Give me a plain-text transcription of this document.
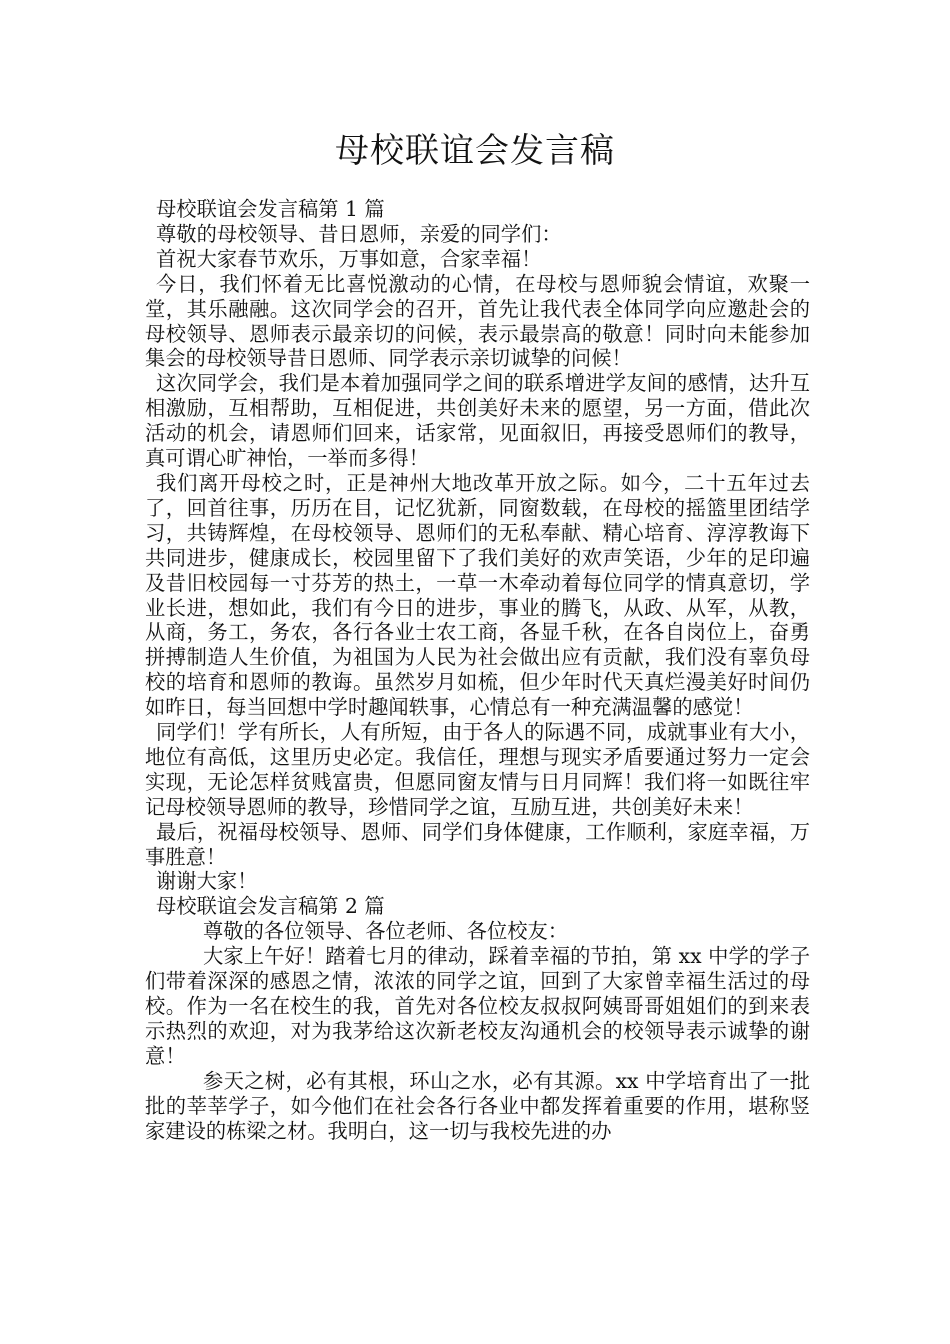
母校联谊会发言稿

母校联谊会发言稿第 1 篇

尊敬的母校领导、昔日恩师，亲爱的同学们：

首祝大家春节欢乐，万事如意，合家幸福！

今日，我们怀着无比喜悦激动的心情，在母校与恩师貌会情谊，欢聚一堂，其乐融融。这次同学会的召开，首先让我代表全体同学向应邀赴会的母校领导、恩师表示最亲切的问候，表示最崇高的敬意！同时向未能参加集会的母校领导昔日恩师、同学表示亲切诚挚的问候！

这次同学会，我们是本着加强同学之间的联系增进学友间的感情，达升互相激励，互相帮助，互相促进，共创美好未来的愿望，另一方面，借此次活动的机会，请恩师们回来，话家常，见面叙旧，再接受恩师们的教导，真可谓心旷神怡，一举而多得！

我们离开母校之时，正是神州大地改革开放之际。如今，二十五年过去了，回首往事，历历在目，记忆犹新，同窗数载，在母校的摇篮里团结学习，共铸辉煌，在母校领导、恩师们的无私奉献、精心培育、淳淳教诲下共同进步，健康成长，校园里留下了我们美好的欢声笑语，少年的足印遍及昔旧校园每一寸芬芳的热土，一草一木牵动着每位同学的情真意切，学业长进，想如此，我们有今日的进步，事业的腾飞，从政、从军，从教，从商，务工，务农，各行各业士农工商，各显千秋，在各自岗位上，奋勇拼搏制造人生价值，为祖国为人民为社会做出应有贡献，我们没有辜负母校的培育和恩师的教诲。虽然岁月如梳，但少年时代天真烂漫美好时间仍如昨日，每当回想中学时趣闻轶事，心情总有一种充满温馨的感觉！

同学们！学有所长，人有所短，由于各人的际遇不同，成就事业有大小，地位有高低，这里历史必定。我信任，理想与现实矛盾要通过努力一定会实现，无论怎样贫贱富贵，但愿同窗友情与日月同辉！我们将一如既往牢记母校领导恩师的教导，珍惜同学之谊，互励互进，共创美好未来！

最后，祝福母校领导、恩师、同学们身体健康，工作顺利，家庭幸福，万事胜意！

谢谢大家！

母校联谊会发言稿第 2 篇

尊敬的各位领导、各位老师、各位校友：

大家上午好！踏着七月的律动，踩着幸福的节拍，第 xx 中学的学子们带着深深的感恩之情，浓浓的同学之谊，回到了大家曾幸福生活过的母校。作为一名在校生的我，首先对各位校友叔叔阿姨哥哥姐姐们的到来表示热烈的欢迎，对为我茅给这次新老校友沟通机会的校领导表示诚挚的谢意！

参天之树，必有其根，环山之水，必有其源。xx 中学培育出了一批批的莘莘学子，如今他们在社会各行各业中都发挥着重要的作用，堪称竖家建设的栋梁之材。我明白，这一切与我校先进的办
